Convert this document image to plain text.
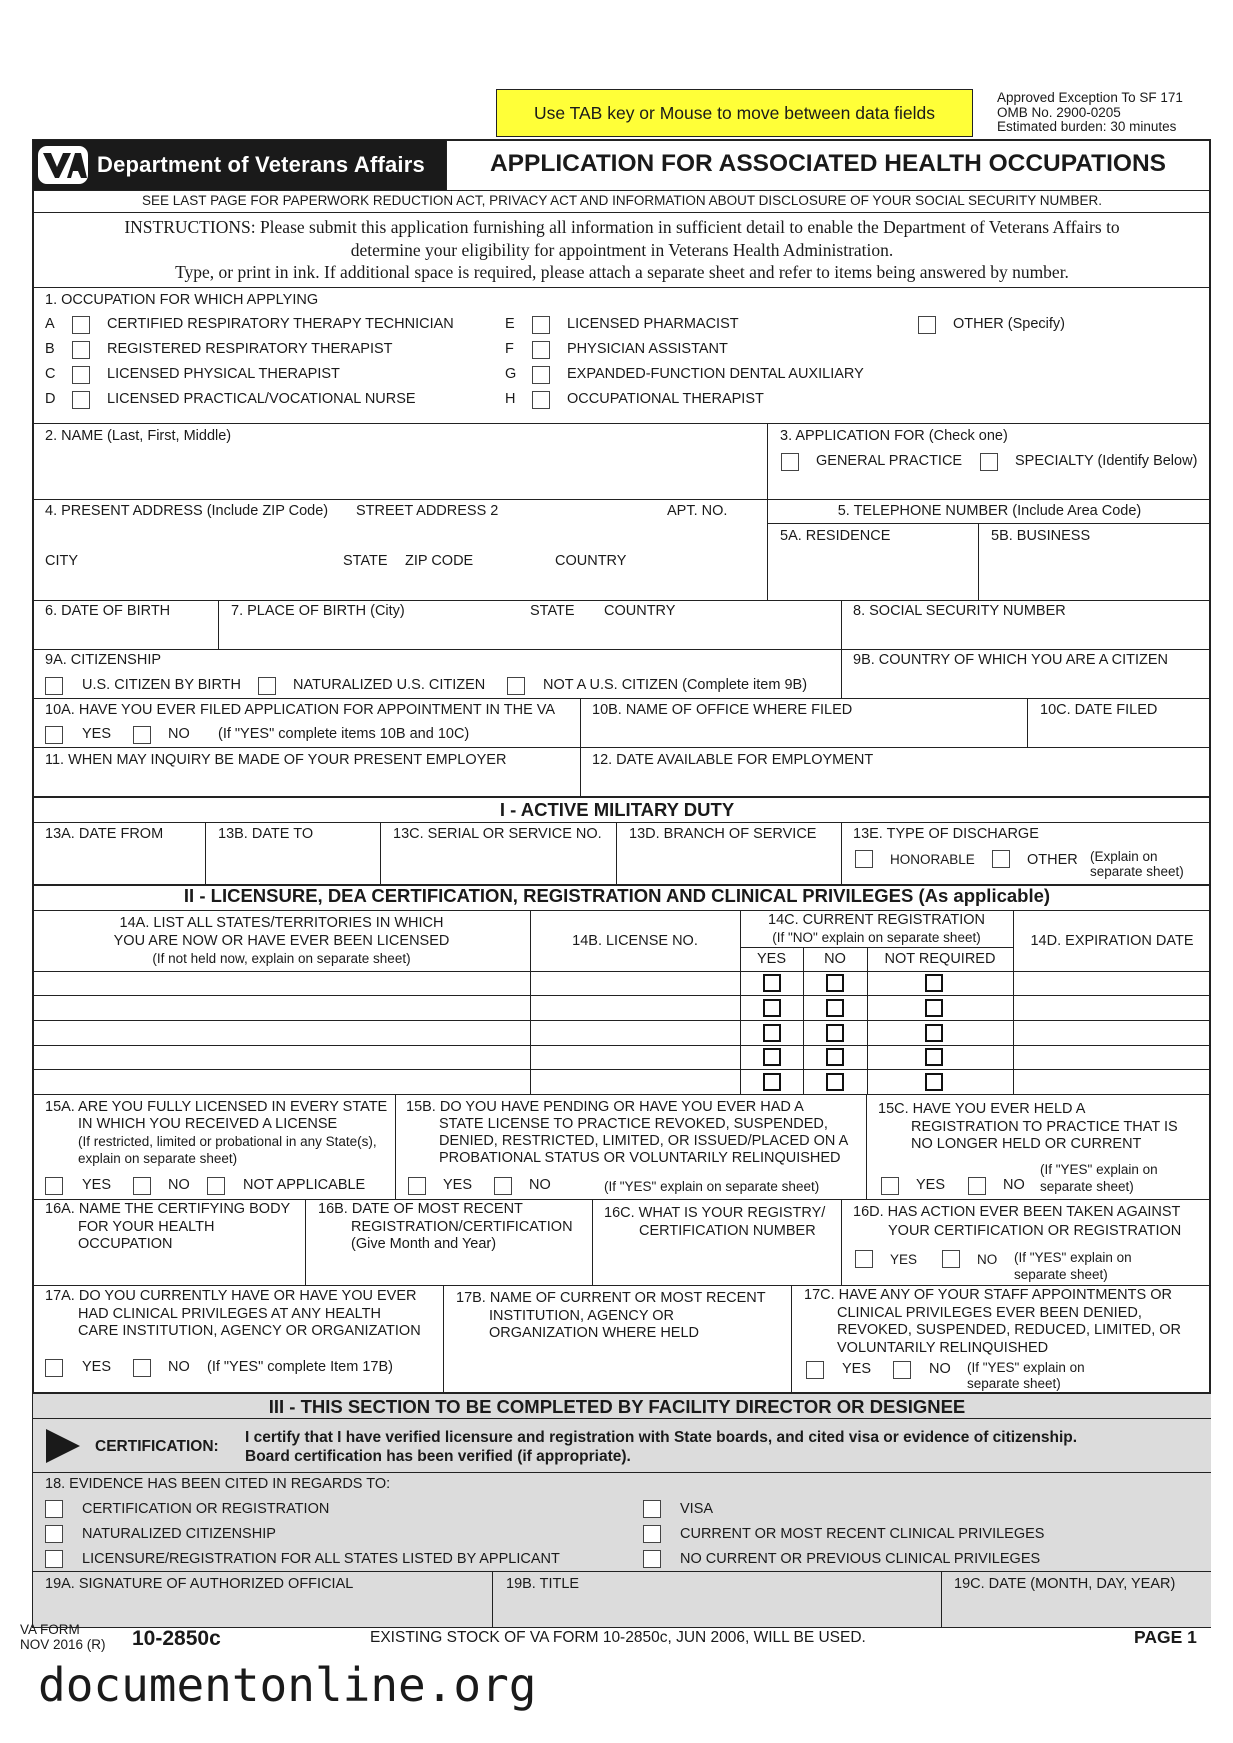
Use TAB key or Mouse to move between data fields
Approved Exception To SF 171
OMB No. 2900-0205
Estimated burden: 30 minutes
Department of Veterans Affairs	APPLICATION FOR ASSOCIATED HEALTH OCCUPATIONS
SEE LAST PAGE FOR PAPERWORK REDUCTION ACT, PRIVACY ACT AND INFORMATION ABOUT DISCLOSURE OF YOUR SOCIAL SECURITY NUMBER.
INSTRUCTIONS: Please submit this application furnishing all information in sufficient detail to enable the Department of Veterans Affairs to
determine your eligibility for appointment in Veterans Health Administration.
Type, or print in ink. If additional space is required, please attach a separate sheet and refer to items being answered by number.
1. OCCUPATION FOR WHICH APPLYING
A	CERTIFIED RESPIRATORY THERAPY TECHNICIAN
B	REGISTERED RESPIRATORY THERAPIST
C	LICENSED PHYSICAL THERAPIST
D	LICENSED PRACTICAL/VOCATIONAL NURSE
E	LICENSED PHARMACIST
F	PHYSICIAN ASSISTANT
G	EXPANDED-FUNCTION DENTAL AUXILIARY
H	OCCUPATIONAL THERAPIST
OTHER (Specify)
2. NAME (Last, First, Middle)	3. APPLICATION FOR (Check one)
GENERAL PRACTICE	SPECIALTY (Identify Below)
4. PRESENT ADDRESS (Include ZIP Code) STREET ADDRESS 2	APT. NO.
CITY	STATE ZIP CODE	COUNTRY
5. TELEPHONE NUMBER (Include Area Code)
5A. RESIDENCE	5B. BUSINESS
6. DATE OF BIRTH	7. PLACE OF BIRTH (City)	STATE COUNTRY	8. SOCIAL SECURITY NUMBER
9A. CITIZENSHIP
U.S. CITIZEN BY BIRTH	NATURALIZED U.S. CITIZEN	NOT A U.S. CITIZEN (Complete item 9B)
9B. COUNTRY OF WHICH YOU ARE A CITIZEN
10A. HAVE YOU EVER FILED APPLICATION FOR APPOINTMENT IN THE VA
YES	NO (If "YES" complete items 10B and 10C)
10B. NAME OF OFFICE WHERE FILED	10C. DATE FILED
11. WHEN MAY INQUIRY BE MADE OF YOUR PRESENT EMPLOYER	12. DATE AVAILABLE FOR EMPLOYMENT
I - ACTIVE MILITARY DUTY
13A. DATE FROM	13B. DATE TO	13C. SERIAL OR SERVICE NO. 13D. BRANCH OF SERVICE	13E. TYPE OF DISCHARGE
HONORABLE	OTHER (Explain on
separate sheet)
II - LICENSURE, DEA CERTIFICATION, REGISTRATION AND CLINICAL PRIVILEGES (As applicable)
14A. LIST ALL STATES/TERRITORIES IN WHICH
YOU ARE NOW OR HAVE EVER BEEN LICENSED
(If not held now, explain on separate sheet)
14B. LICENSE NO.
14C. CURRENT REGISTRATION
(If "NO" explain on separate sheet)
YES	NO	NOT REQUIRED
14D. EXPIRATION DATE
15A. ARE YOU FULLY LICENSED IN EVERY STATE
IN WHICH YOU RECEIVED A LICENSE
(If restricted, limited or probational in any State(s),
explain on separate sheet)
YES	NO	NOT APPLICABLE
15B. DO YOU HAVE PENDING OR HAVE YOU EVER HAD A
STATE LICENSE TO PRACTICE REVOKED, SUSPENDED,
DENIED, RESTRICTED, LIMITED, OR ISSUED/PLACED ON A
PROBATIONAL STATUS OR VOLUNTARILY RELINQUISHED
YES	NO	(If "YES" explain on separate sheet)
15C. HAVE YOU EVER HELD A
REGISTRATION TO PRACTICE THAT IS
NO LONGER HELD OR CURRENT
YES	NO
(If "YES" explain on
separate sheet)
16A. NAME THE CERTIFYING BODY
FOR YOUR HEALTH
OCCUPATION
16B. DATE OF MOST RECENT
REGISTRATION/CERTIFICATION
(Give Month and Year)
16C. WHAT IS YOUR REGISTRY/
CERTIFICATION NUMBER
16D. HAS ACTION EVER BEEN TAKEN AGAINST
YOUR CERTIFICATION OR REGISTRATION
YES	NO (If "YES" explain on
separate sheet)
17A. DO YOU CURRENTLY HAVE OR HAVE YOU EVER
HAD CLINICAL PRIVILEGES AT ANY HEALTH
CARE INSTITUTION, AGENCY OR ORGANIZATION
YES	NO (If "YES" complete Item 17B)
17B. NAME OF CURRENT OR MOST RECENT
INSTITUTION, AGENCY OR
ORGANIZATION WHERE HELD
17C. HAVE ANY OF YOUR STAFF APPOINTMENTS OR
CLINICAL PRIVILEGES EVER BEEN DENIED,
REVOKED, SUSPENDED, REDUCED, LIMITED, OR
VOLUNTARILY RELINQUISHED
YES	NO (If "YES" explain on
separate sheet)
III - THIS SECTION TO BE COMPLETED BY FACILITY DIRECTOR OR DESIGNEE
CERTIFICATION:
I certify that I have verified licensure and registration with State boards, and cited visa or evidence of citizenship.
Board certification has been verified (if appropriate).
18. EVIDENCE HAS BEEN CITED IN REGARDS TO:
CERTIFICATION OR REGISTRATION
NATURALIZED CITIZENSHIP
LICENSURE/REGISTRATION FOR ALL STATES LISTED BY APPLICANT
VISA
CURRENT OR MOST RECENT CLINICAL PRIVILEGES
NO CURRENT OR PREVIOUS CLINICAL PRIVILEGES
19A. SIGNATURE OF AUTHORIZED OFFICIAL	19B. TITLE	19C. DATE (MONTH, DAY, YEAR)
VA FORM
NOV 2016 (R) 10-2850c	EXISTING STOCK OF VA FORM 10-2850c, JUN 2006, WILL BE USED.	PAGE 1
documentonline.org
